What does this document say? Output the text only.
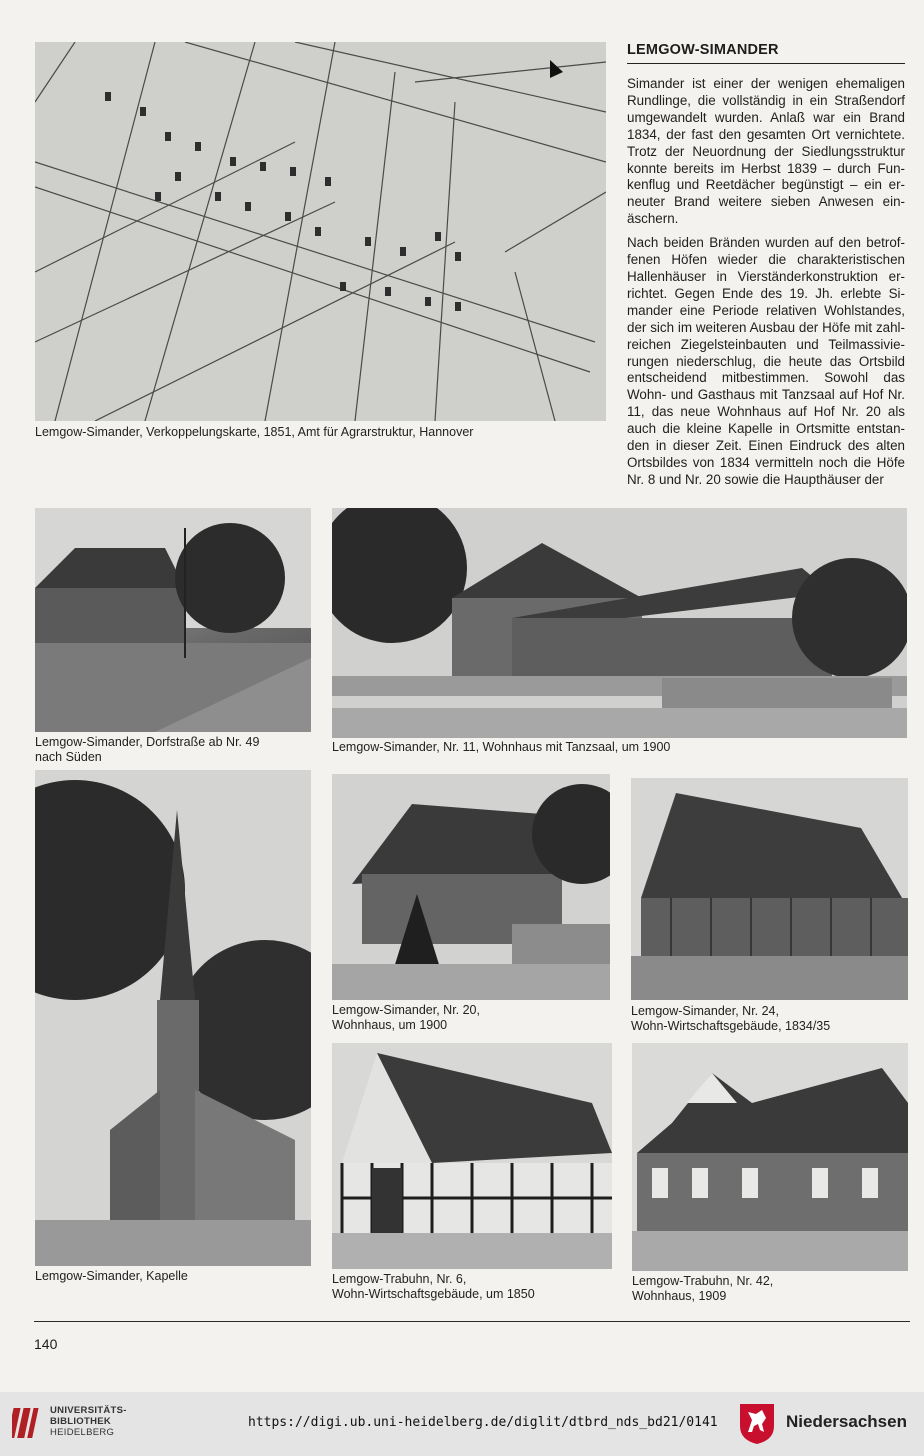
Lemgow-Simander, Verkoppelungskarte, 1851, Amt für Agrarstruktur, Hannover
LEMGOW-SIMANDER

Simander ist einer der wenigen ehemaligen Rundlinge, die vollständig in ein Straßendorf umgewandelt wurden. Anlaß war ein Brand 1834, der fast den gesamten Ort vernichtete. Trotz der Neuordnung der Siedlungsstruktur konnte bereits im Herbst 1839 – durch Funkenflug und Reetdächer begünstigt – ein erneuter Brand weitere sieben Anwesen einäschern.

Nach beiden Bränden wurden auf den betroffenen Höfen wieder die charakteristischen Hallenhäuser in Vierständerkonstruktion errichtet. Gegen Ende des 19. Jh. erlebte Simander eine Periode relativen Wohlstandes, der sich im weiteren Ausbau der Höfe mit zahlreichen Ziegelsteinbauten und Teilmassivierungen niederschlug, die heute das Ortsbild entscheidend mitbestimmen. Sowohl das Wohn- und Gasthaus mit Tanzsaal auf Hof Nr. 11, das neue Wohnhaus auf Hof Nr. 20 als auch die kleine Kapelle in Ortsmitte entstanden in dieser Zeit. Einen Eindruck des alten Ortsbildes von 1834 vermitteln noch die Höfe Nr. 8 und Nr. 20 sowie die Haupthäuser der

Lemgow-Simander, Dorfstraße ab Nr. 49
nach Süden
Lemgow-Simander, Nr. 11, Wohnhaus mit Tanzsaal, um 1900
Lemgow-Simander, Kapelle
Lemgow-Simander, Nr. 20,
Wohnhaus, um 1900
Lemgow-Simander, Nr. 24,
Wohn-Wirtschaftsgebäude, 1834/35
Lemgow-Trabuhn, Nr. 6,
Wohn-Wirtschaftsgebäude, um 1850
Lemgow-Trabuhn, Nr. 42,
Wohnhaus, 1909
140
UNIVERSITÄTS-
BIBLIOTHEK
HEIDELBERG
https://digi.ub.uni-heidelberg.de/diglit/dtbrd_nds_bd21/0141	Niedersachsen
